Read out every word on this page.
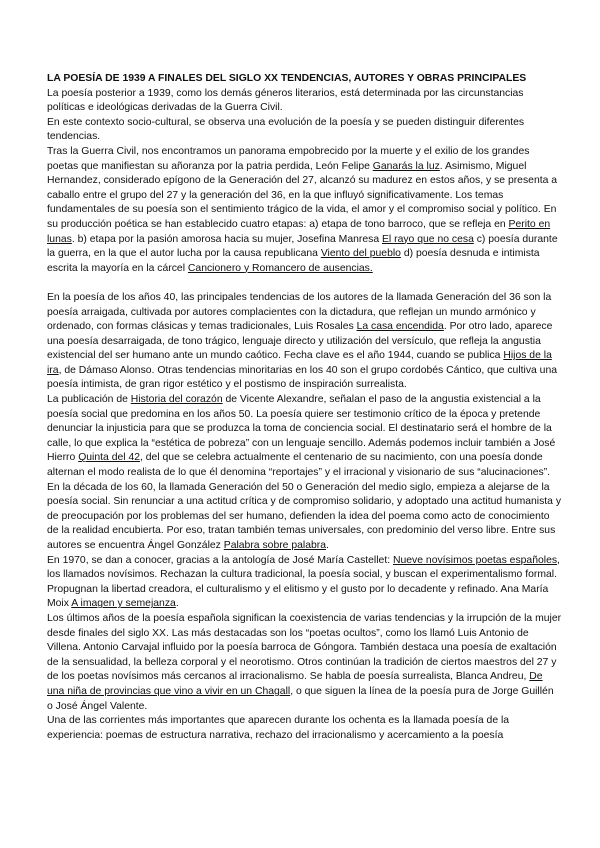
LA POESÍA DE 1939 A FINALES DEL SIGLO XX TENDENCIAS, AUTORES Y OBRAS PRINCIPALES

La poesía posterior a 1939, como los demás géneros literarios, está determinada por las circunstancias políticas e ideológicas derivadas de la Guerra Civil.

En este contexto socio-cultural, se observa una evolución de la poesía y se pueden distinguir diferentes tendencias.

Tras la Guerra Civil, nos encontramos un panorama empobrecido por la muerte y el exilio de los grandes poetas que manifiestan su añoranza por la patria perdida, León Felipe Ganarás la luz. Asimismo, Miguel Hernandez, considerado epígono de la Generación del 27, alcanzó su madurez en estos años, y se presenta a caballo entre el grupo del 27 y la generación del 36, en la que influyó significativamente. Los temas fundamentales de su poesía son el sentimiento trágico de la vida, el amor y el compromiso social y político. En su producción poética se han establecido cuatro etapas: a) etapa de tono barroco, que se refleja en Perito en lunas. b) etapa por la pasión amorosa hacia su mujer, Josefina Manresa El rayo que no cesa c) poesía durante la guerra, en la que el autor lucha por la causa republicana Viento del pueblo d) poesía desnuda e intimista escrita la mayoría en la cárcel Cancionero y Romancero de ausencias.

En la poesía de los años 40, las principales tendencias de los autores de la llamada Generación del 36 son la poesía arraigada, cultivada por autores complacientes con la dictadura, que reflejan un mundo armónico y ordenado, con formas clásicas y temas tradicionales, Luis Rosales La casa encendida. Por otro lado, aparece una poesía desarraigada, de tono trágico, lenguaje directo y utilización del versículo, que refleja la angustia existencial del ser humano ante un mundo caótico. Fecha clave es el año 1944, cuando se publica Hijos de la ira, de Dámaso Alonso. Otras tendencias minoritarias en los 40 son el grupo cordobés Cántico, que cultiva una poesía intimista, de gran rigor estético y el postismo de inspiración surrealista.

La publicación de Historia del corazón de Vicente Alexandre, señalan el paso de la angustia existencial a la poesía social que predomina en los años 50. La poesía quiere ser testimonio crítico de la época y pretende denunciar la injusticia para que se produzca la toma de conciencia social. El destinatario será el hombre de la calle, lo que explica la “estética de pobreza” con un lenguaje sencillo. Además podemos incluir también a José Hierro Quinta del 42, del que se celebra actualmente el centenario de su nacimiento, con una poesía donde alternan el modo realista de lo que él denomina “reportajes” y el irracional y visionario de sus “alucinaciones”.

En la década de los 60, la llamada Generación del 50 o Generación del medio siglo, empieza a alejarse de la poesía social. Sin renunciar a una actitud crítica y de compromiso solidario, y adoptado una actitud humanista y de preocupación por los problemas del ser humano, defienden la idea del poema como acto de conocimiento de la realidad encubierta. Por eso, tratan también temas universales, con predominio del verso libre. Entre sus autores se encuentra Ángel González Palabra sobre palabra.

En 1970, se dan a conocer, gracias a la antología de José María Castellet: Nueve novísimos poetas españoles, los llamados novísimos. Rechazan la cultura tradicional, la poesía social, y buscan el experimentalismo formal. Propugnan la libertad creadora, el culturalismo y el elitismo y el gusto por lo decadente y refinado. Ana María Moix A imagen y semejanza.

Los últimos años de la poesía española significan la coexistencia de varias tendencias y la irrupción de la mujer desde finales del siglo XX. Las más destacadas son los “poetas ocultos”, como los llamó Luis Antonio de Villena. Antonio Carvajal influido por la poesía barroca de Góngora. También destaca una poesía de exaltación de la sensualidad, la belleza corporal y el neorotismo. Otros continúan la tradición de ciertos maestros del 27 y de los poetas novísimos más cercanos al irracionalismo. Se habla de poesía surrealista, Blanca Andreu, De una niña de provincias que vino a vivir en un Chagall, o que siguen la línea de la poesía pura de Jorge Guillén o José Ángel Valente.

Una de las corrientes más importantes que aparecen durante los ochenta es la llamada poesía de la experiencia: poemas de estructura narrativa, rechazo del irracionalismo y acercamiento a la poesía
